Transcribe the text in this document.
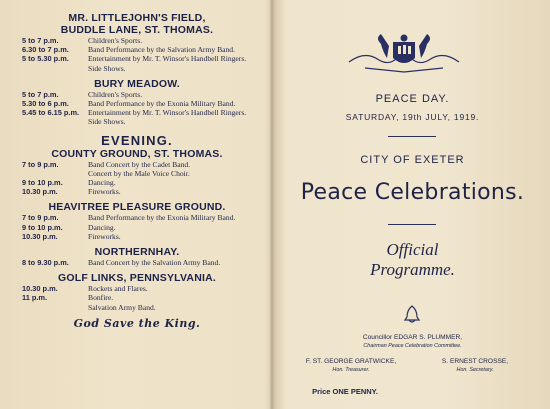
MR. LITTLEJOHN'S FIELD,
BUDDLE LANE, ST. THOMAS.
5 to 7 p.m.	Children's Sports.
6.30 to 7 p.m.	Band Performance by the Salvation Army Band.
5 to 5.30 p.m.	Entertainment by Mr. T. Winsor's Handbell Ringers.
Side Shows.
BURY MEADOW.
5 to 7 p.m.	Children's Sports.
5.30 to 6 p.m.	Band Performance by the Exonia Military Band.
5.45 to 6.15 p.m.	Entertainment by Mr. T. Winsor's Handbell Ringers.
Side Shows.
EVENING.
COUNTY GROUND, ST. THOMAS.
7 to 9 p.m.	Band Concert by the Cadet Band.
Concert by the Male Voice Choir.
9 to 10 p.m.	Dancing.
10.30 p.m.	Fireworks.
HEAVITREE PLEASURE GROUND.
7 to 9 p.m.	Band Performance by the Exonia Military Band.
9 to 10 p.m.	Dancing.
10.30 p.m.	Fireworks.
NORTHERNHAY.
8 to 9.30 p.m.	Band Concert by the Salvation Army Band.
GOLF LINKS, PENNSYLVANIA.
10.30 p.m.	Rockets and Flares.
11 p.m.	Bonfire.
Salvation Army Band.
God Save the King.
PEACE DAY.
SATURDAY, 19th JULY, 1919.
CITY OF EXETER
Peace Celebrations.
Official
Programme.
Councillor EDGAR S. PLUMMER,
Chairman Peace Celebration Committee.
F. ST. GEORGE GRATWICKE,
Hon. Treasurer.
S. ERNEST CROSSE,
Hon. Secretary.
Price ONE PENNY.
